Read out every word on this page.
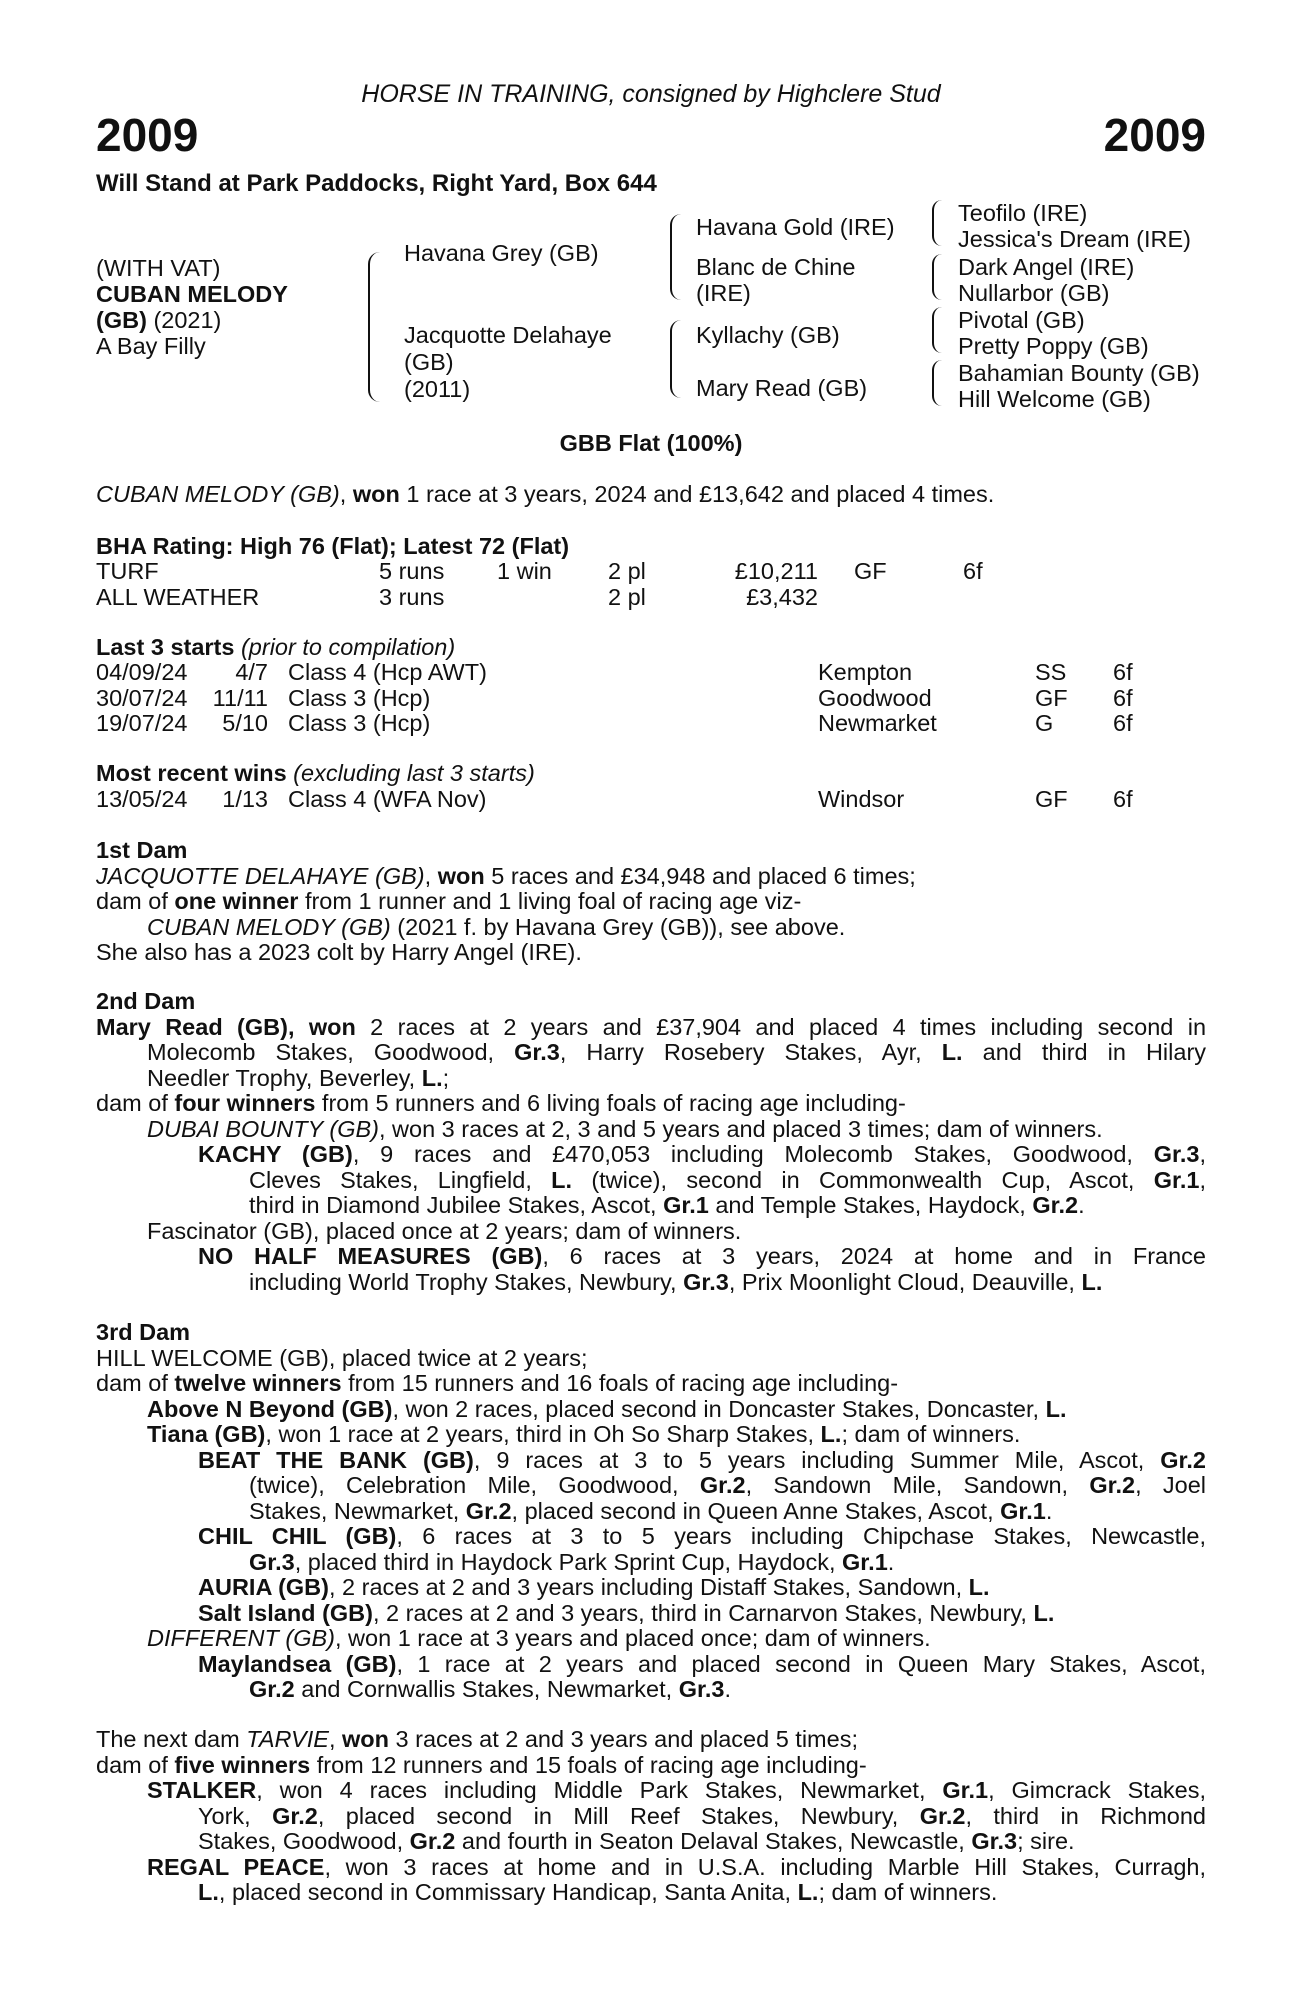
HORSE IN TRAINING, consigned by Highclere Stud
2009	2009
Will Stand at Park Paddocks, Right Yard, Box 644
(WITH VAT)
CUBAN MELODY
(GB) (2021)
A Bay Filly
Havana Grey (GB)
Jacquotte Delahaye
(GB)
(2011)
Havana Gold (IRE)
Blanc de Chine
(IRE)
Kyllachy (GB)
Mary Read (GB)
Teofilo (IRE)
Jessica's Dream (IRE)
Dark Angel (IRE)
Nullarbor (GB)
Pivotal (GB)
Pretty Poppy (GB)
Bahamian Bounty (GB)
Hill Welcome (GB)
GBB Flat (100%)
CUBAN MELODY (GB), won 1 race at 3 years, 2024 and £13,642 and placed 4 times.
BHA Rating: High 76 (Flat); Latest 72 (Flat)
TURF	5 runs 1 win 2 pl	£10,211 GF	6f
ALL WEATHER	3 runs	2 pl	£3,432
Last 3 starts (prior to compilation)
04/09/24 4/7 Class 4 (Hcp AWT)	Kempton	SS 6f
30/07/24 11/11 Class 3 (Hcp)	Goodwood	GF 6f
19/07/24 5/10 Class 3 (Hcp)	Newmarket	G	6f
Most recent wins (excluding last 3 starts)
13/05/24 1/13 Class 4 (WFA Nov)	Windsor	GF 6f
1st Dam
JACQUOTTE DELAHAYE (GB), won 5 races and £34,948 and placed 6 times;
dam of one winner from 1 runner and 1 living foal of racing age viz-
CUBAN MELODY (GB) (2021 f. by Havana Grey (GB)), see above.
She also has a 2023 colt by Harry Angel (IRE).
2nd Dam
Mary Read (GB), won 2 races at 2 years and £37,904 and placed 4 times including second in
Molecomb Stakes, Goodwood, Gr.3, Harry Rosebery Stakes, Ayr, L. and third in Hilary
Needler Trophy, Beverley, L.;
dam of four winners from 5 runners and 6 living foals of racing age including-
DUBAI BOUNTY (GB), won 3 races at 2, 3 and 5 years and placed 3 times; dam of winners.
KACHY (GB), 9 races and £470,053 including Molecomb Stakes, Goodwood, Gr.3,
Cleves Stakes, Lingfield, L. (twice), second in Commonwealth Cup, Ascot, Gr.1,
third in Diamond Jubilee Stakes, Ascot, Gr.1 and Temple Stakes, Haydock, Gr.2.
Fascinator (GB), placed once at 2 years; dam of winners.
NO HALF MEASURES (GB), 6 races at 3 years, 2024 at home and in France
including World Trophy Stakes, Newbury, Gr.3, Prix Moonlight Cloud, Deauville, L.
3rd Dam
HILL WELCOME (GB), placed twice at 2 years;
dam of twelve winners from 15 runners and 16 foals of racing age including-
Above N Beyond (GB), won 2 races, placed second in Doncaster Stakes, Doncaster, L.
Tiana (GB), won 1 race at 2 years, third in Oh So Sharp Stakes, L.; dam of winners.
BEAT THE BANK (GB), 9 races at 3 to 5 years including Summer Mile, Ascot, Gr.2
(twice), Celebration Mile, Goodwood, Gr.2, Sandown Mile, Sandown, Gr.2, Joel
Stakes, Newmarket, Gr.2, placed second in Queen Anne Stakes, Ascot, Gr.1.
CHIL CHIL (GB), 6 races at 3 to 5 years including Chipchase Stakes, Newcastle,
Gr.3, placed third in Haydock Park Sprint Cup, Haydock, Gr.1.
AURIA (GB), 2 races at 2 and 3 years including Distaff Stakes, Sandown, L.
Salt Island (GB), 2 races at 2 and 3 years, third in Carnarvon Stakes, Newbury, L.
DIFFERENT (GB), won 1 race at 3 years and placed once; dam of winners.
Maylandsea (GB), 1 race at 2 years and placed second in Queen Mary Stakes, Ascot,
Gr.2 and Cornwallis Stakes, Newmarket, Gr.3.
The next dam TARVIE, won 3 races at 2 and 3 years and placed 5 times;
dam of five winners from 12 runners and 15 foals of racing age including-
STALKER, won 4 races including Middle Park Stakes, Newmarket, Gr.1, Gimcrack Stakes,
York, Gr.2, placed second in Mill Reef Stakes, Newbury, Gr.2, third in Richmond
Stakes, Goodwood, Gr.2 and fourth in Seaton Delaval Stakes, Newcastle, Gr.3; sire.
REGAL PEACE, won 3 races at home and in U.S.A. including Marble Hill Stakes, Curragh,
L., placed second in Commissary Handicap, Santa Anita, L.; dam of winners.
